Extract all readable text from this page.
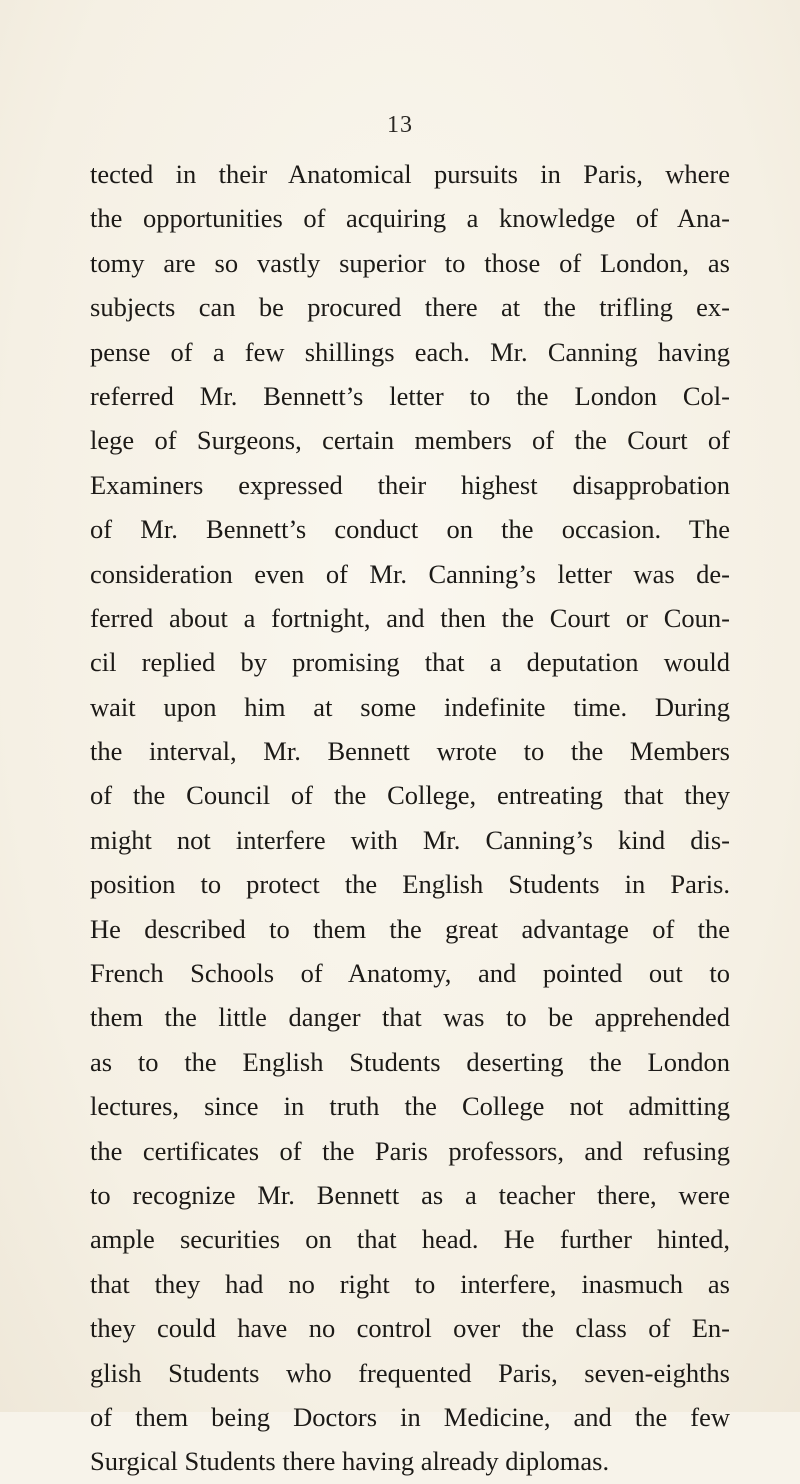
13
tected in their Anatomical pursuits in Paris, where
the opportunities of acquiring a knowledge of Ana-
tomy are so vastly superior to those of London, as
subjects can be procured there at the trifling ex-
pense of a few shillings each. Mr. Canning having
referred Mr. Bennett’s letter to the London Col-
lege of Surgeons, certain members of the Court of
Examiners expressed their highest disapprobation
of Mr. Bennett’s conduct on the occasion. The
consideration even of Mr. Canning’s letter was de-
ferred about a fortnight, and then the Court or Coun-
cil replied by promising that a deputation would
wait upon him at some indefinite time. During
the interval, Mr. Bennett wrote to the Members
of the Council of the College, entreating that they
might not interfere with Mr. Canning’s kind dis-
position to protect the English Students in Paris.
He described to them the great advantage of the
French Schools of Anatomy, and pointed out to
them the little danger that was to be apprehended
as to the English Students deserting the London
lectures, since in truth the College not admitting
the certificates of the Paris professors, and refusing
to recognize Mr. Bennett as a teacher there, were
ample securities on that head. He further hinted,
that they had no right to interfere, inasmuch as
they could have no control over the class of En-
glish Students who frequented Paris, seven-eighths
of them being Doctors in Medicine, and the few
Surgical Students there having already diplomas.
